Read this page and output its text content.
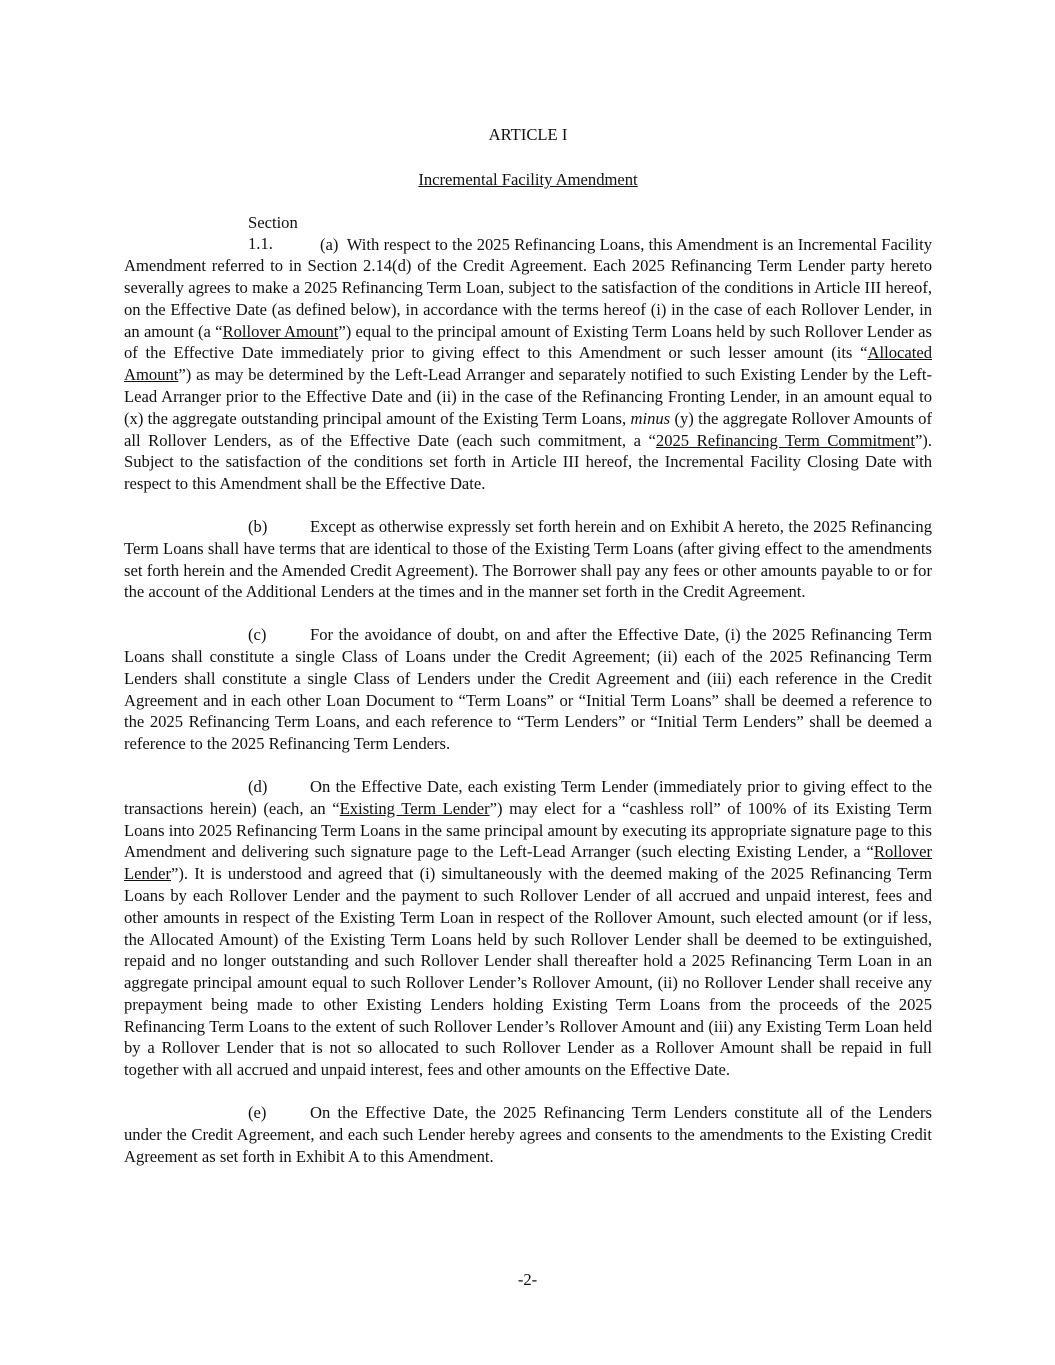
ARTICLE I
Incremental Facility Amendment

Section 1.1.	(a) With respect to the 2025 Refinancing Loans, this Amendment is an Incremental Facility Amendment referred to in Section 2.14(d) of the Credit Agreement. Each 2025 Refinancing Term Lender party hereto severally agrees to make a 2025 Refinancing Term Loan, subject to the satisfaction of the conditions in Article III hereof, on the Effective Date (as defined below), in accordance with the terms hereof (i) in the case of each Rollover Lender, in an amount (a “Rollover Amount”) equal to the principal amount of Existing Term Loans held by such Rollover Lender as of the Effective Date immediately prior to giving effect to this Amendment or such lesser amount (its “Allocated Amount”) as may be determined by the Left-Lead Arranger and separately notified to such Existing Lender by the Left-Lead Arranger prior to the Effective Date and (ii) in the case of the Refinancing Fronting Lender, in an amount equal to (x) the aggregate outstanding principal amount of the Existing Term Loans, minus (y) the aggregate Rollover Amounts of all Rollover Lenders, as of the Effective Date (each such commitment, a “2025 Refinancing Term Commitment”). Subject to the satisfaction of the conditions set forth in Article III hereof, the Incremental Facility Closing Date with respect to this Amendment shall be the Effective Date.

(b)	Except as otherwise expressly set forth herein and on Exhibit A hereto, the 2025 Refinancing Term Loans shall have terms that are identical to those of the Existing Term Loans (after giving effect to the amendments set forth herein and the Amended Credit Agreement). The Borrower shall pay any fees or other amounts payable to or for the account of the Additional Lenders at the times and in the manner set forth in the Credit Agreement.

(c)	For the avoidance of doubt, on and after the Effective Date, (i) the 2025 Refinancing Term Loans shall constitute a single Class of Loans under the Credit Agreement; (ii) each of the 2025 Refinancing Term Lenders shall constitute a single Class of Lenders under the Credit Agreement and (iii) each reference in the Credit Agreement and in each other Loan Document to “Term Loans” or “Initial Term Loans” shall be deemed a reference to the 2025 Refinancing Term Loans, and each reference to “Term Lenders” or “Initial Term Lenders” shall be deemed a reference to the 2025 Refinancing Term Lenders.

(d)	On the Effective Date, each existing Term Lender (immediately prior to giving effect to the transactions herein) (each, an “Existing Term Lender”) may elect for a “cashless roll” of 100% of its Existing Term Loans into 2025 Refinancing Term Loans in the same principal amount by executing its appropriate signature page to this Amendment and delivering such signature page to the Left-Lead Arranger (such electing Existing Lender, a “Rollover Lender”). It is understood and agreed that (i) simultaneously with the deemed making of the 2025 Refinancing Term Loans by each Rollover Lender and the payment to such Rollover Lender of all accrued and unpaid interest, fees and other amounts in respect of the Existing Term Loan in respect of the Rollover Amount, such elected amount (or if less, the Allocated Amount) of the Existing Term Loans held by such Rollover Lender shall be deemed to be extinguished, repaid and no longer outstanding and such Rollover Lender shall thereafter hold a 2025 Refinancing Term Loan in an aggregate principal amount equal to such Rollover Lender’s Rollover Amount, (ii) no Rollover Lender shall receive any prepayment being made to other Existing Lenders holding Existing Term Loans from the proceeds of the 2025 Refinancing Term Loans to the extent of such Rollover Lender’s Rollover Amount and (iii) any Existing Term Loan held by a Rollover Lender that is not so allocated to such Rollover Lender as a Rollover Amount shall be repaid in full together with all accrued and unpaid interest, fees and other amounts on the Effective Date.

(e)	On the Effective Date, the 2025 Refinancing Term Lenders constitute all of the Lenders under the Credit Agreement, and each such Lender hereby agrees and consents to the amendments to the Existing Credit Agreement as set forth in Exhibit A to this Amendment.

-2-
